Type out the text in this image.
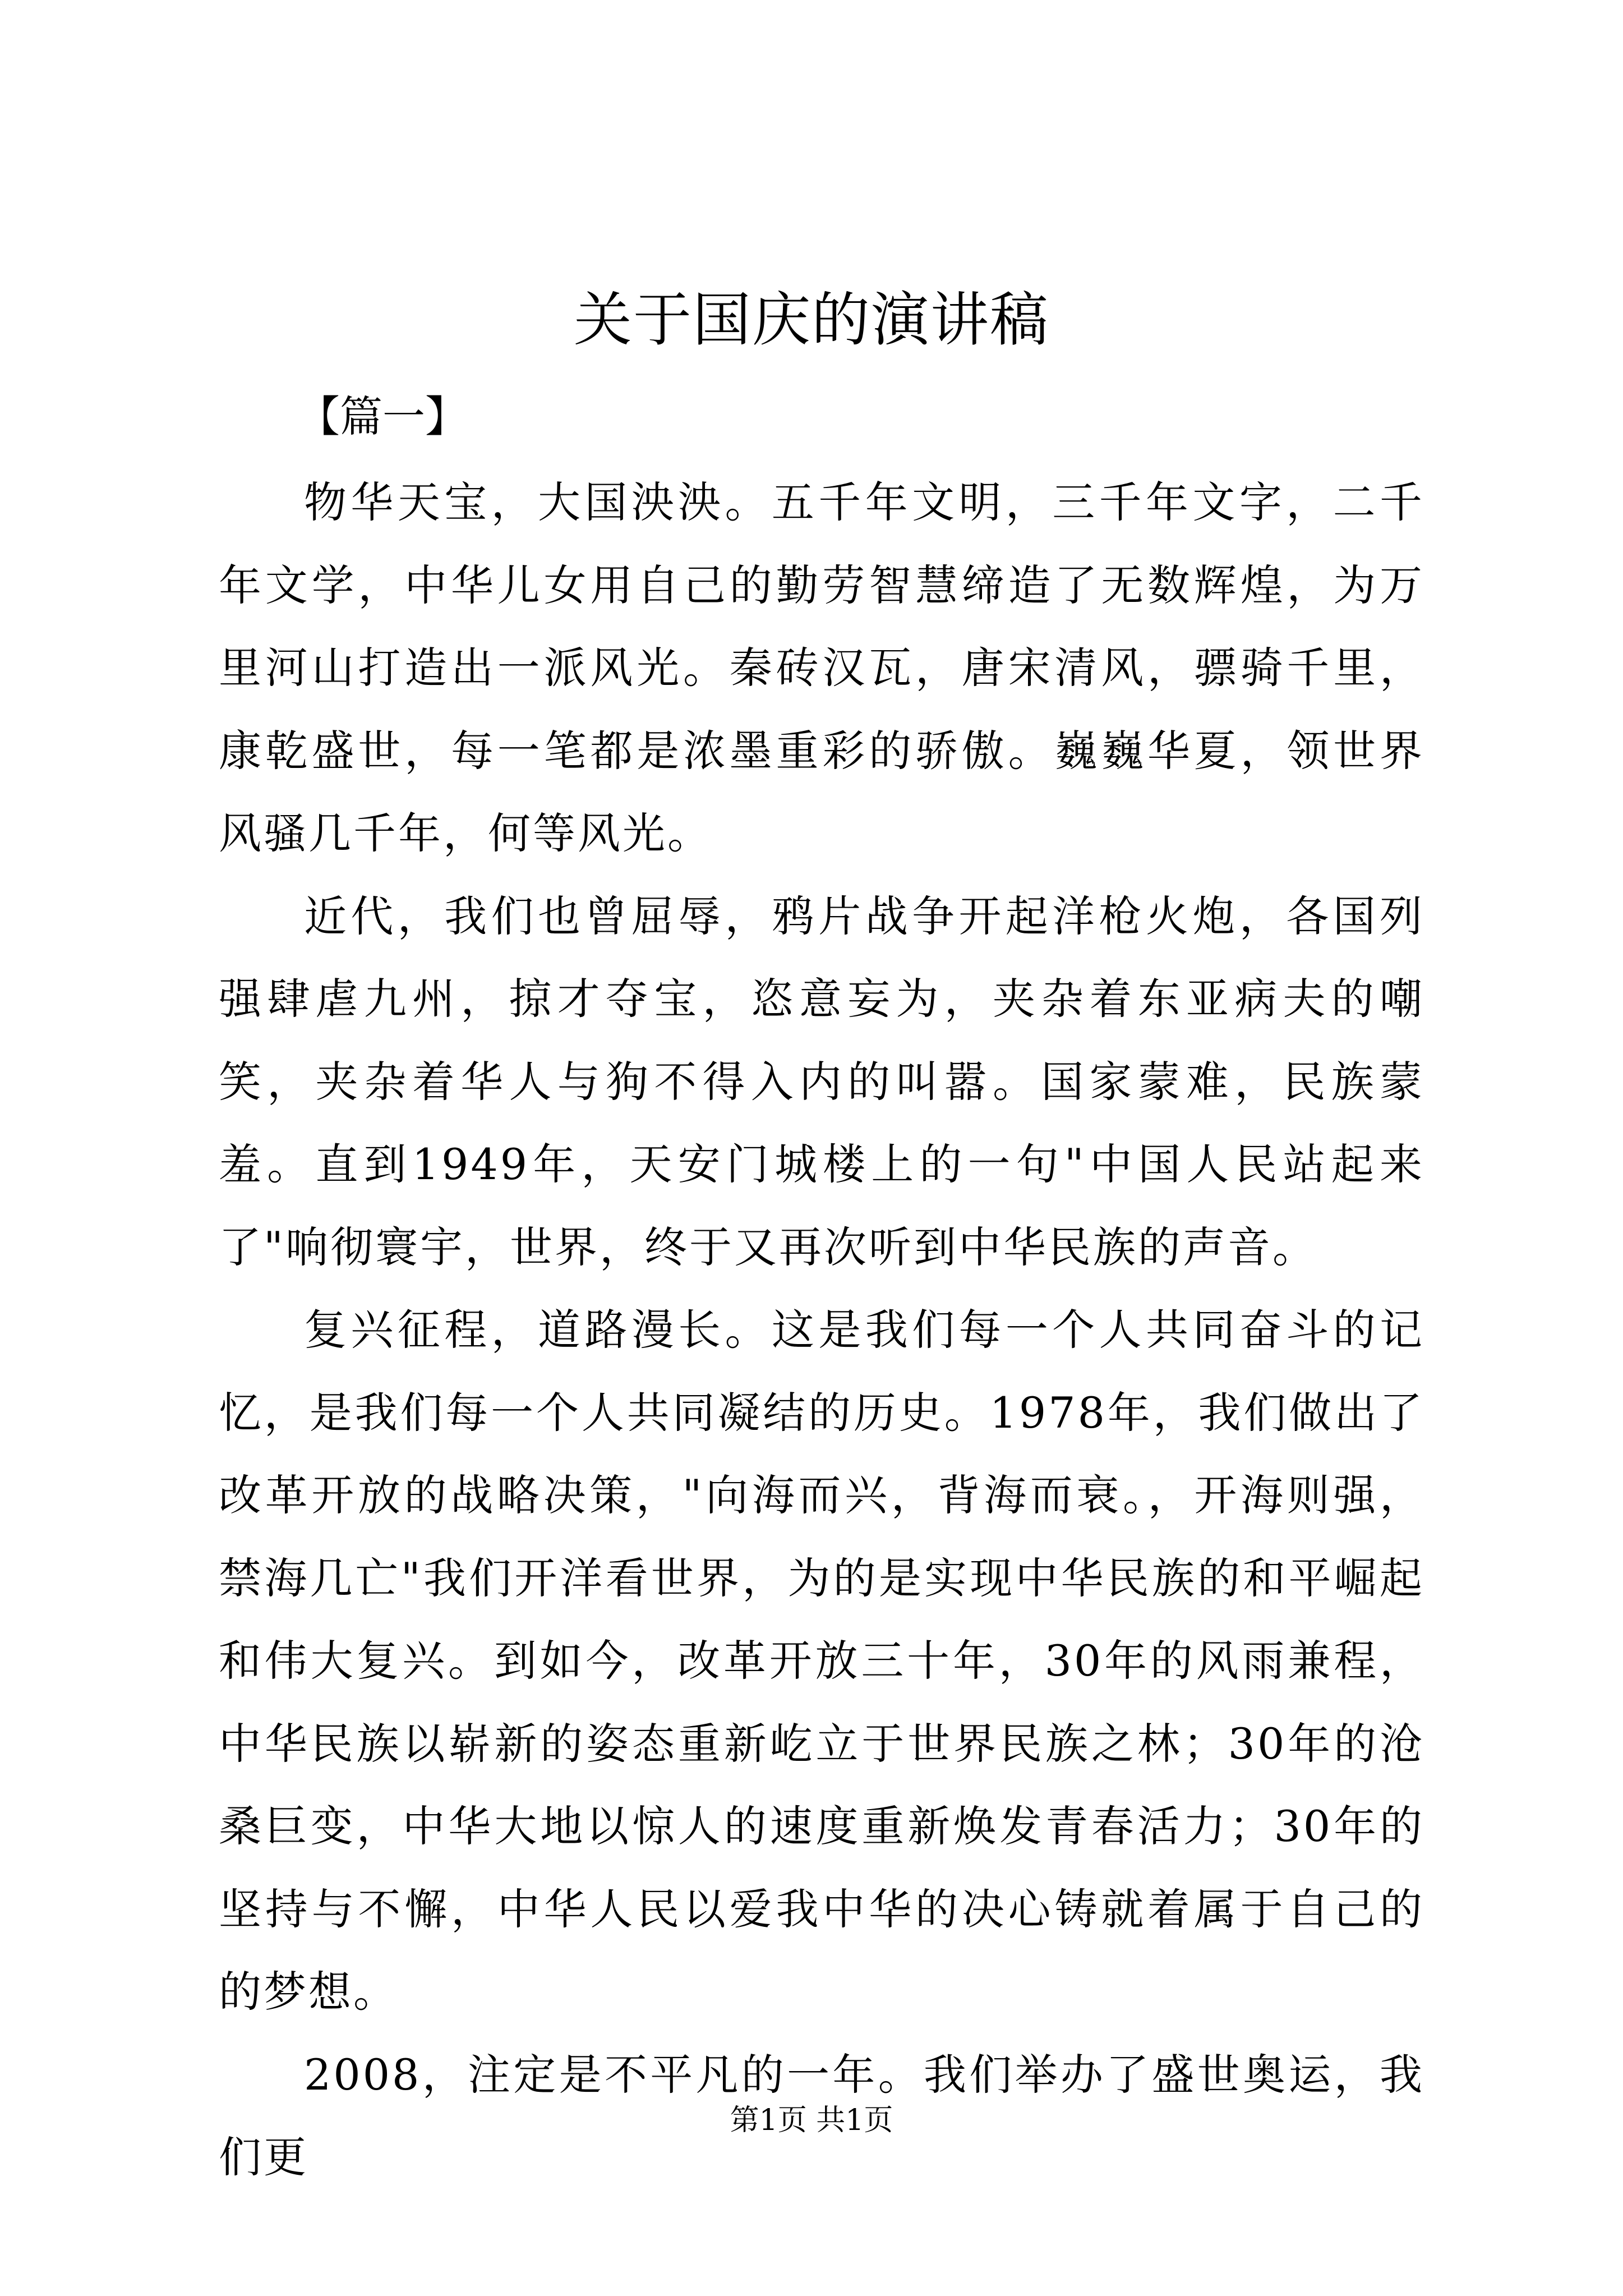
关于国庆的演讲稿
【篇一】

物华天宝，大国泱泱。五千年文明，三千年文字，二千年文学，中华儿女用自己的勤劳智慧缔造了无数辉煌，为万里河山打造出一派风光。秦砖汉瓦，唐宋清风，骠骑千里，康乾盛世，每一笔都是浓墨重彩的骄傲。巍巍华夏，领世界风骚几千年，何等风光。

近代，我们也曾屈辱，鸦片战争开起洋枪火炮，各国列强肆虐九州，掠才夺宝，恣意妄为，夹杂着东亚病夫的嘲笑，夹杂着华人与狗不得入内的叫嚣。国家蒙难，民族蒙羞。直到1949年，天安门城楼上的一句"中国人民站起来了"响彻寰宇，世界，终于又再次听到中华民族的声音。

复兴征程，道路漫长。这是我们每一个人共同奋斗的记忆，是我们每一个人共同凝结的历史。1978年，我们做出了改革开放的战略决策，"向海而兴，背海而衰。，开海则强，禁海几亡"我们开洋看世界，为的是实现中华民族的和平崛起和伟大复兴。到如今，改革开放三十年，30年的风雨兼程，中华民族以崭新的姿态重新屹立于世界民族之林；30年的沧桑巨变，中华大地以惊人的速度重新焕发青春活力；30年的坚持与不懈，中华人民以爱我中华的决心铸就着属于自己的的梦想。

2008，注定是不平凡的一年。我们举办了盛世奥运，我们更

第1页 共1页
